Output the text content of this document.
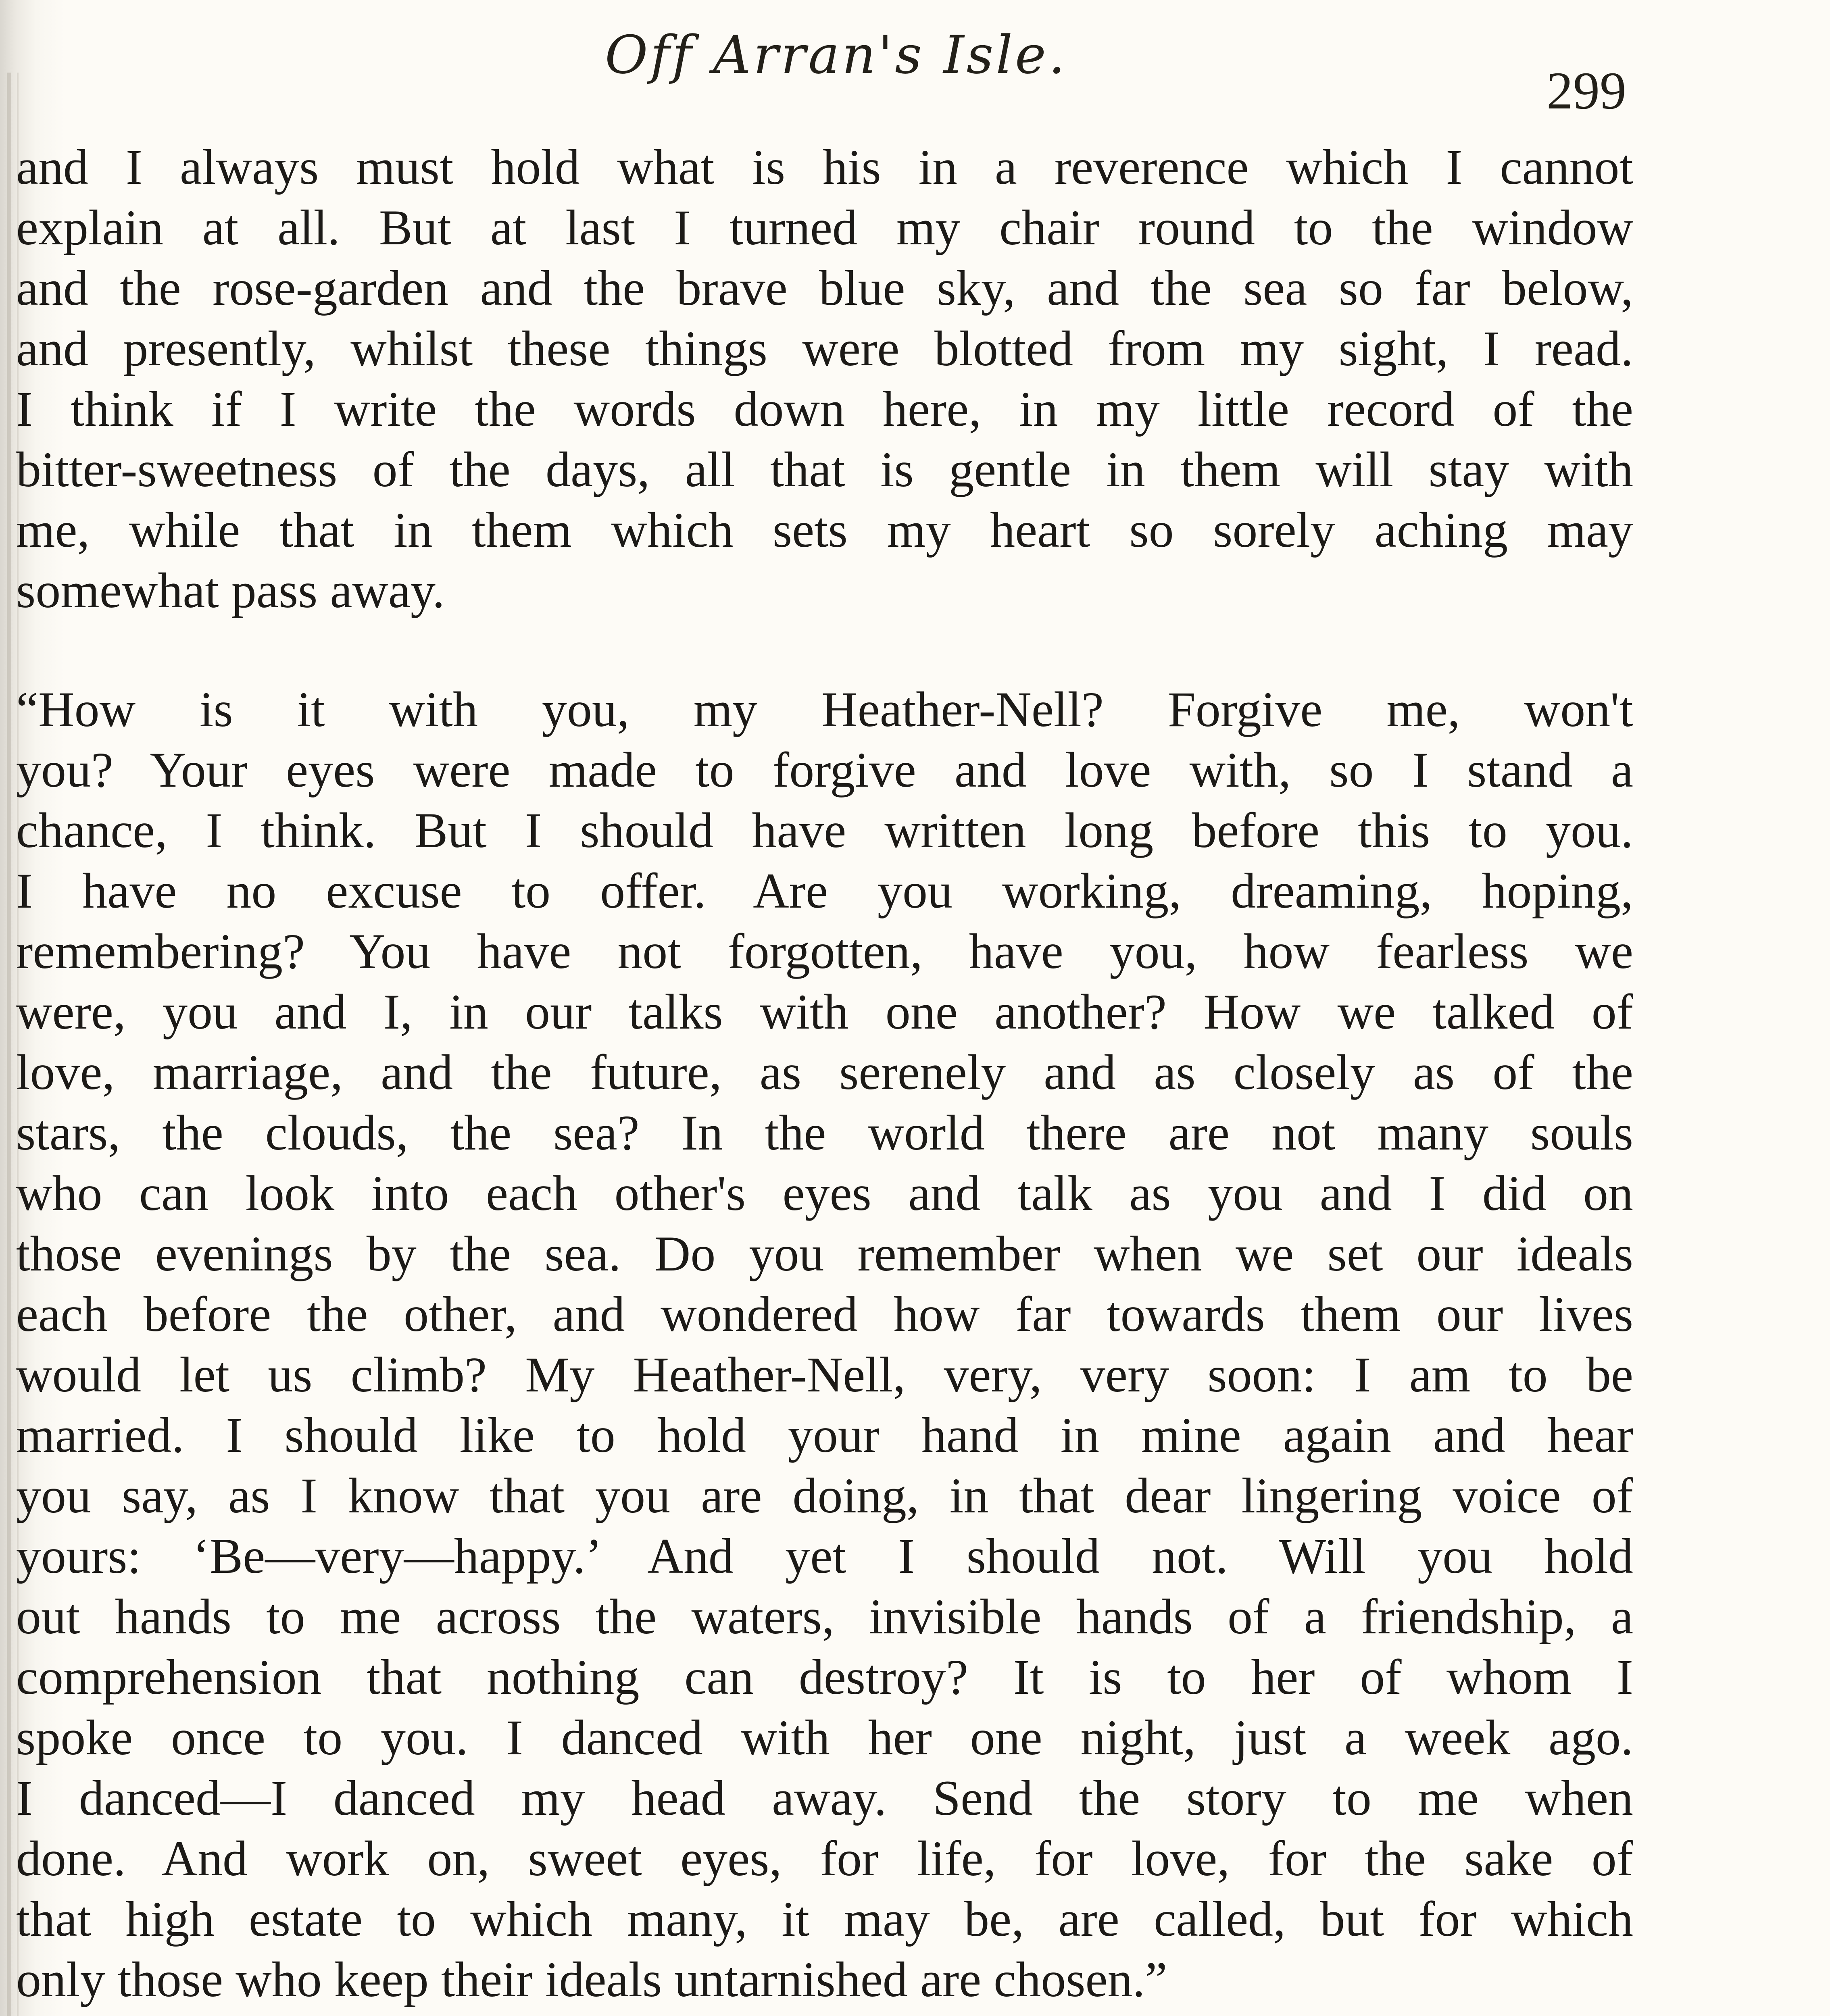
Off Arran's Isle.
299
and I always must hold what is his in a reverence which I cannot
explain at all. But at last I turned my chair round to the window
and the rose-garden and the brave blue sky, and the sea so far below,
and presently, whilst these things were blotted from my sight, I read.
I think if I write the words down here, in my little record of the
bitter-sweetness of the days, all that is gentle in them will stay with
me, while that in them which sets my heart so sorely aching may
somewhat pass away.
“How is it with you, my Heather-Nell? Forgive me, won't
you? Your eyes were made to forgive and love with, so I stand a
chance, I think. But I should have written long before this to you.
I have no excuse to offer. Are you working, dreaming, hoping,
remembering? You have not forgotten, have you, how fearless we
were, you and I, in our talks with one another? How we talked of
love, marriage, and the future, as serenely and as closely as of the
stars, the clouds, the sea? In the world there are not many souls
who can look into each other's eyes and talk as you and I did on
those evenings by the sea. Do you remember when we set our ideals
each before the other, and wondered how far towards them our lives
would let us climb? My Heather-Nell, very, very soon: I am to be
married. I should like to hold your hand in mine again and hear
you say, as I know that you are doing, in that dear lingering voice of
yours: ‘Be—very—happy.’ And yet I should not. Will you hold
out hands to me across the waters, invisible hands of a friendship, a
comprehension that nothing can destroy? It is to her of whom I
spoke once to you. I danced with her one night, just a week ago.
I danced—I danced my head away. Send the story to me when
done. And work on, sweet eyes, for life, for love, for the sake of
that high estate to which many, it may be, are called, but for which
only those who keep their ideals untarnished are chosen.”
